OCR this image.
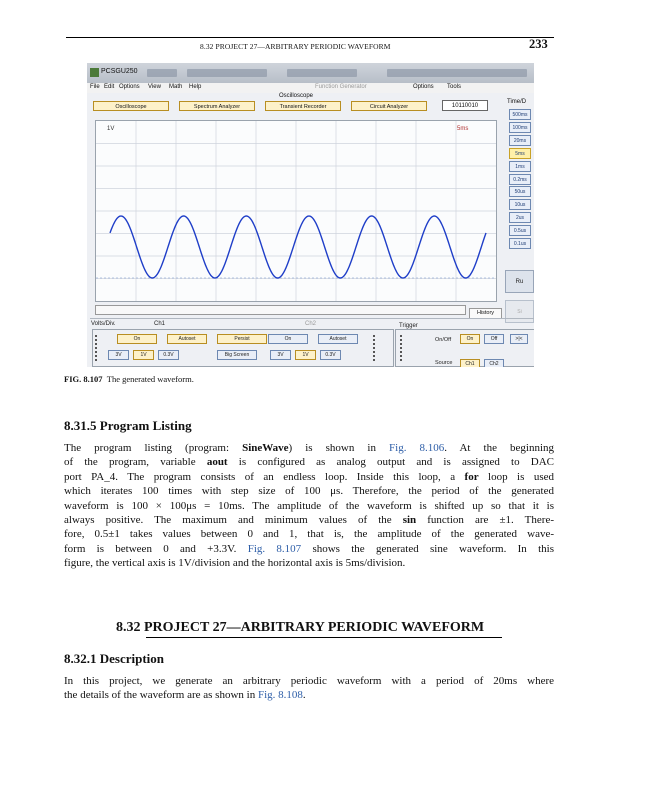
8.32 PROJECT 27—ARBITRARY PERIODIC WAVEFORM	233
PCSGU250
File Edit Options View Math Help	Function Generator	Options Tools
Oscilloscope
Oscilloscope	Spectrum Analyzer	Transient Recorder	Circuit Analyzer	10110010
Time/D
500ms
100ms
20ms
5ms
1ms
0.2ms
50us
10us
2us
0.5us
0.1us
1V	5ms
History
Ru
Si
Volts/Div.	Ch1	Ch2	Trigger
On	Autoset	Persist
3V	1V	0.3V	Big Screen
On	Autoset
3V	1V	0.3V
On/Off	On	Off	>|<
Source	Ch1	Ch2
FIG. 8.107 The generated waveform.
8.31.5 Program Listing
The program listing (program: SineWave) is shown in Fig. 8.106. At the beginning
of the program, variable aout is configured as analog output and is assigned to DAC
port PA_4. The program consists of an endless loop. Inside this loop, a for loop is used
which iterates 100 times with step size of 100 μs. Therefore, the period of the generated
waveform is 100 × 100μs = 10ms. The amplitude of the waveform is shifted up so that it is
always positive. The maximum and minimum values of the sin function are ±1. There-
fore, 0.5±1 takes values between 0 and 1, that is, the amplitude of the generated wave-
form is between 0 and +3.3V. Fig. 8.107 shows the generated sine waveform. In this
figure, the vertical axis is 1V/division and the horizontal axis is 5ms/division.
8.32 PROJECT 27—ARBITRARY PERIODIC WAVEFORM
8.32.1 Description
In this project, we generate an arbitrary periodic waveform with a period of 20ms where
the details of the waveform are as shown in Fig. 8.108.
